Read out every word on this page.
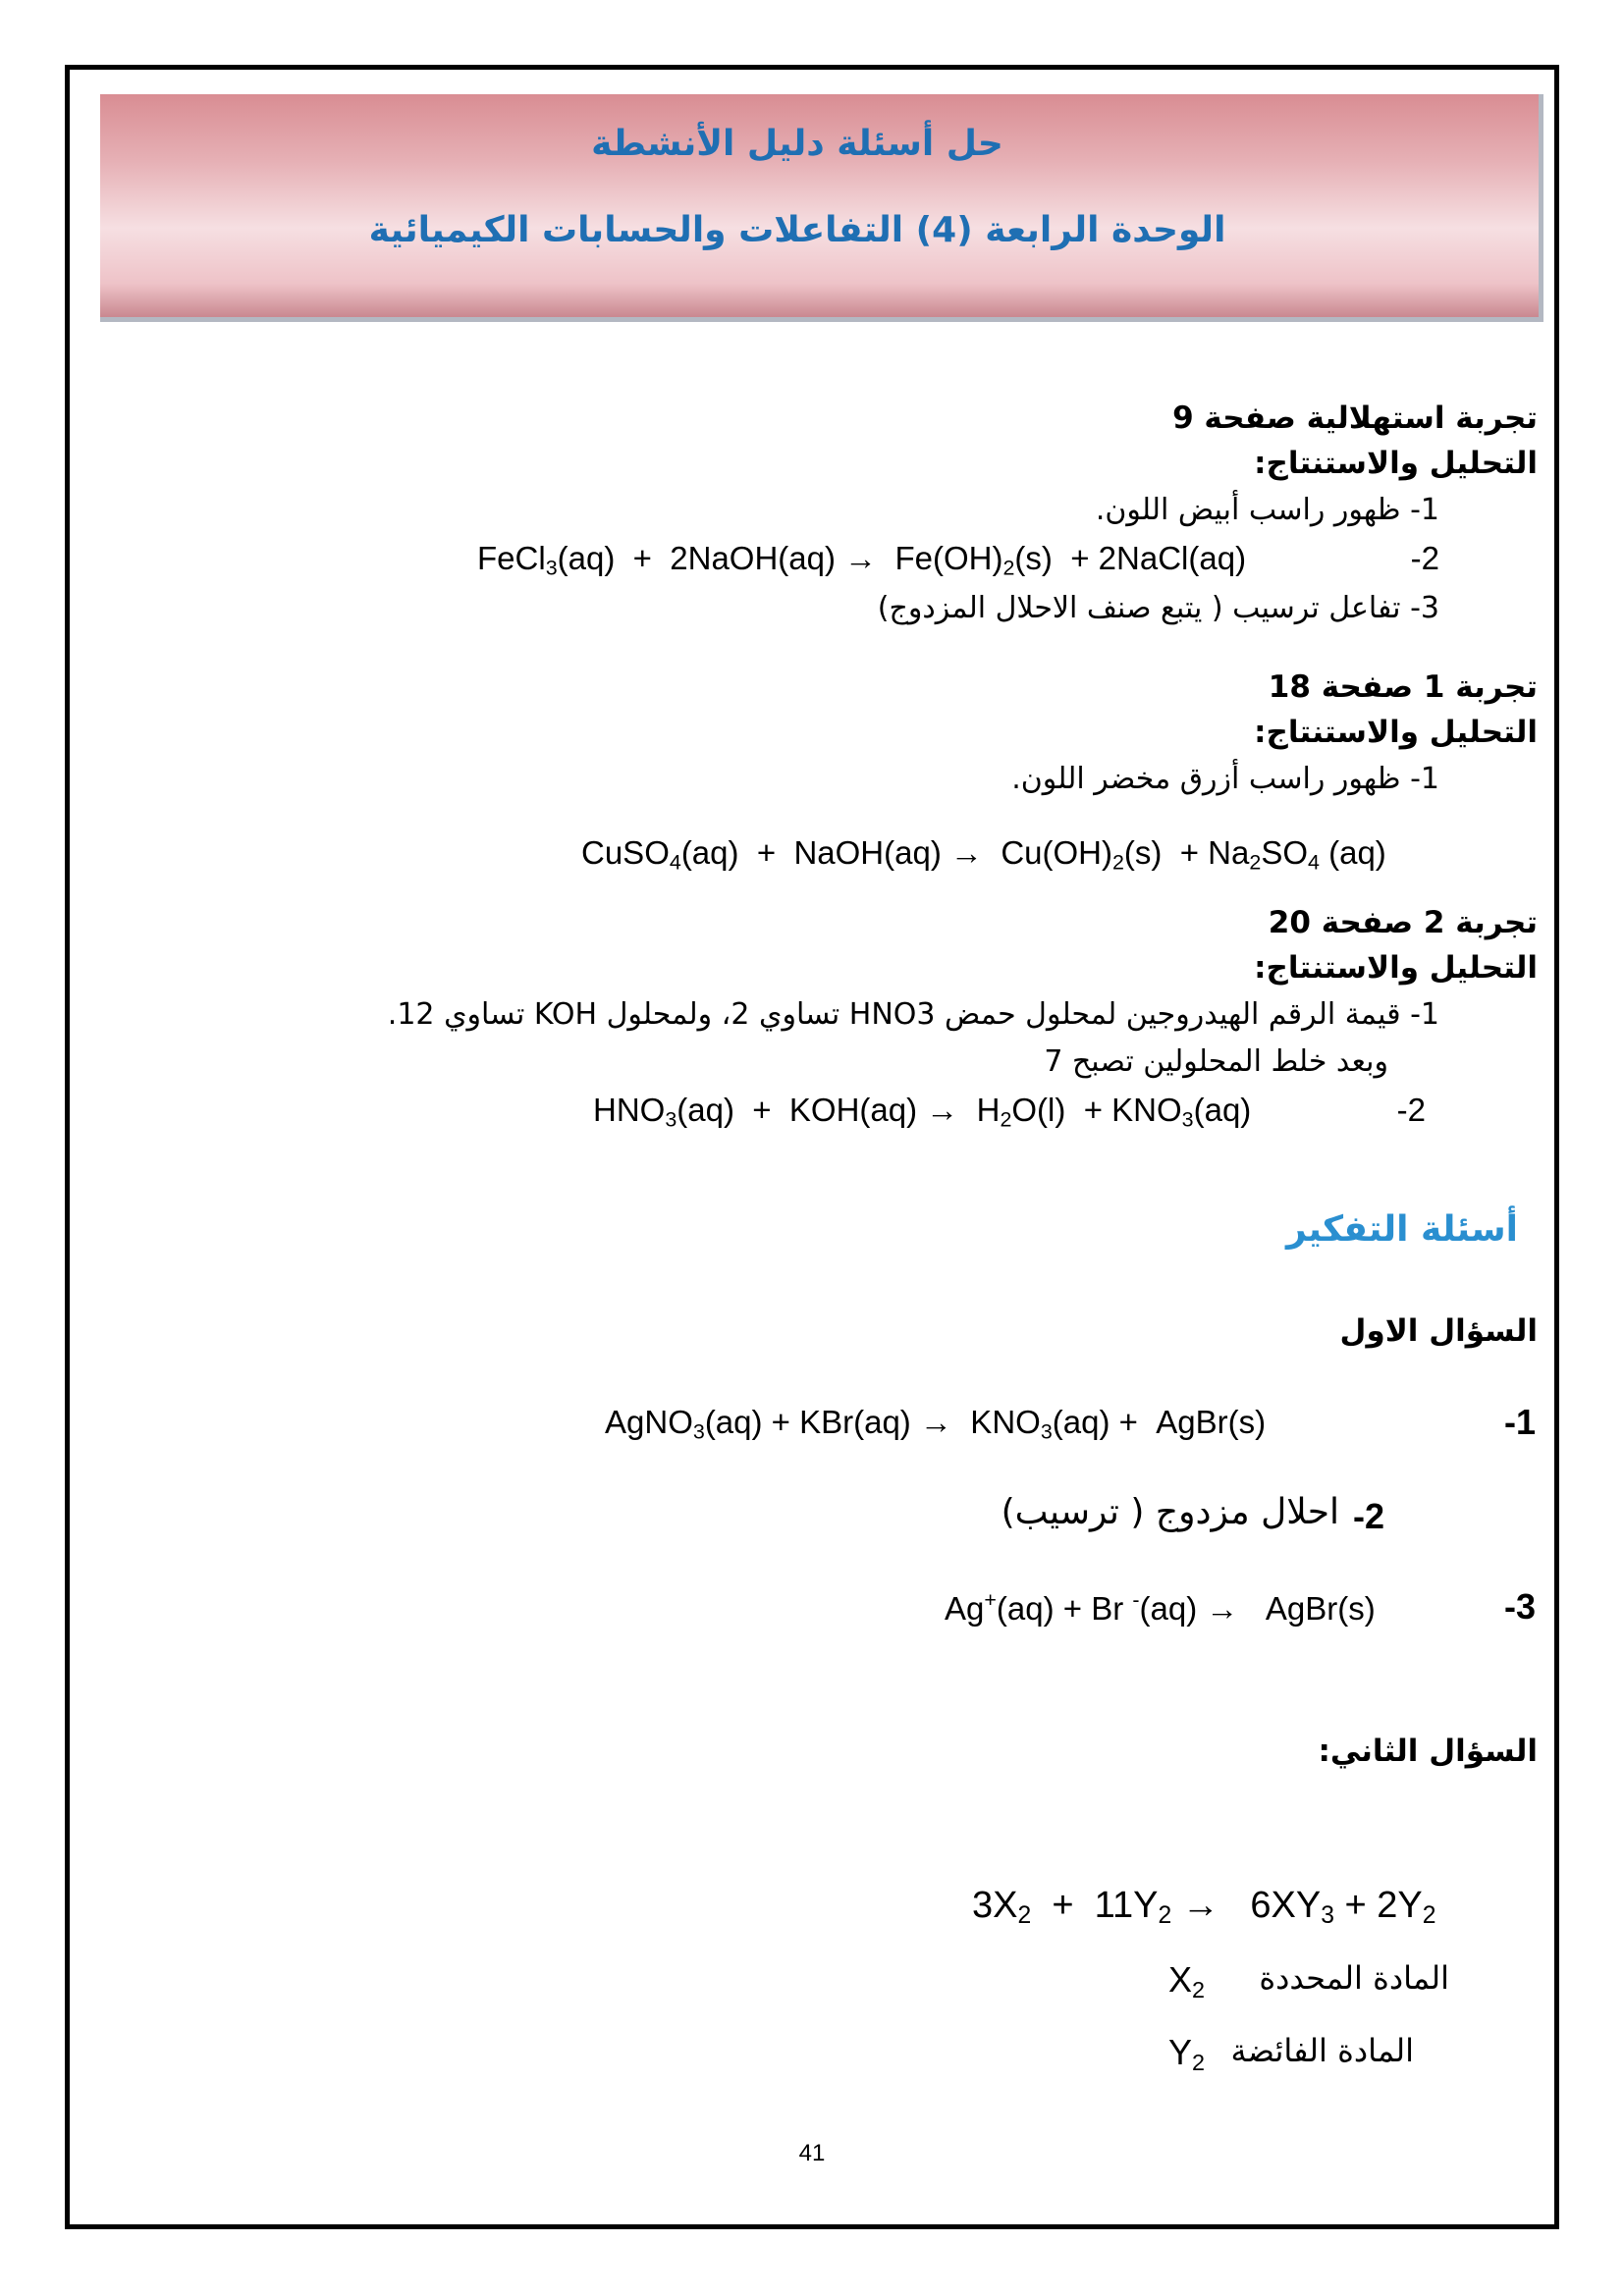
حل أسئلة دليل الأنشطة
الوحدة الرابعة (4) التفاعلات والحسابات الكيميائية
تجربة استهلالية صفحة 9
التحليل والاستنتاج:
1- ظهور راسب أبيض اللون.
-2
FeCl$_3$(aq)  +  2NaOH(aq) →  $Fe(OH)_2(s)$  + 2NaCl(aq)
3- تفاعل ترسيب ( يتبع صنف الاحلال المزدوج)
تجربة 1 صفحة 18
التحليل والاستنتاج:
1- ظهور راسب أزرق مخضر اللون.
CuSO$_4$(aq)  +  NaOH(aq) →  $Cu(OH)_2(s) + Na_2SO_4$ (aq)
تجربة 2 صفحة 20
التحليل والاستنتاج:
1- قيمة الرقم الهيدروجين لمحلول حمض HNO3 تساوي 2، ولمحلول KOH تساوي 12.
وبعد خلط المحلولين تصبح 7
-2
$HNO_3(aq) + KOH(aq) \to H_2O(l) + KNO_3(aq)$
أسئلة التفكير
السؤال الاول
-1
AgNO$_3$(aq) + $KBr(aq) \to KNO_3(aq)$ +  AgBr(s)
-2
احلال مزدوج ( ترسيب)
-3
Ag+(aq) + Br -(aq) →   AgBr(s)
السؤال الثاني:
$3X_2 + 11Y_2 \to 6XY_3 + 2Y_2$
المادة المحددة
$X_2$
المادة الفائضة
$Y_2$
41
